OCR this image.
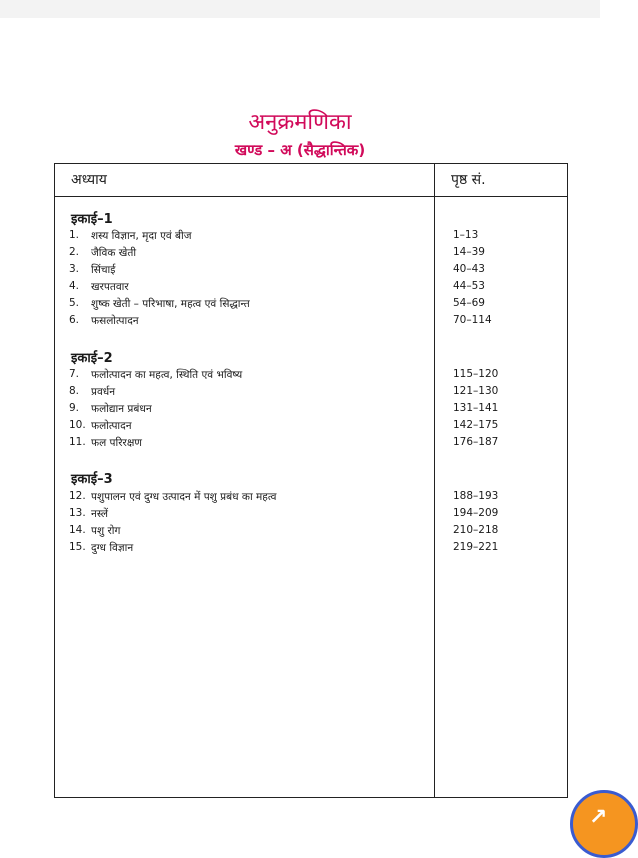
अनुक्रमणिका
खण्ड – अ (सैद्धान्तिक)
अध्याय	पृष्ठ सं.
इकाई–1
1.	शस्य विज्ञान, मृदा एवं बीज	1–13
2.	जैविक खेती	14–39
3.	सिंचाई	40–43
4.	खरपतवार	44–53
5.	शुष्क खेती – परिभाषा, महत्व एवं सिद्धान्त	54–69
6.	फसलोत्पादन	70–114
इकाई–2
7.	फलोत्पादन का महत्व, स्थिति एवं भविष्य	115–120
8.	प्रवर्धन	121–130
9.	फलोद्यान प्रबंधन	131–141
10. फलोत्पादन	142–175
11. फल परिरक्षण	176–187
इकाई–3
12. पशुपालन एवं दुग्ध उत्पादन में पशु प्रबंध का महत्व	188–193
13. नस्लें	194–209
14. पशु रोग	210–218
15. दुग्ध विज्ञान	219–221
↗
